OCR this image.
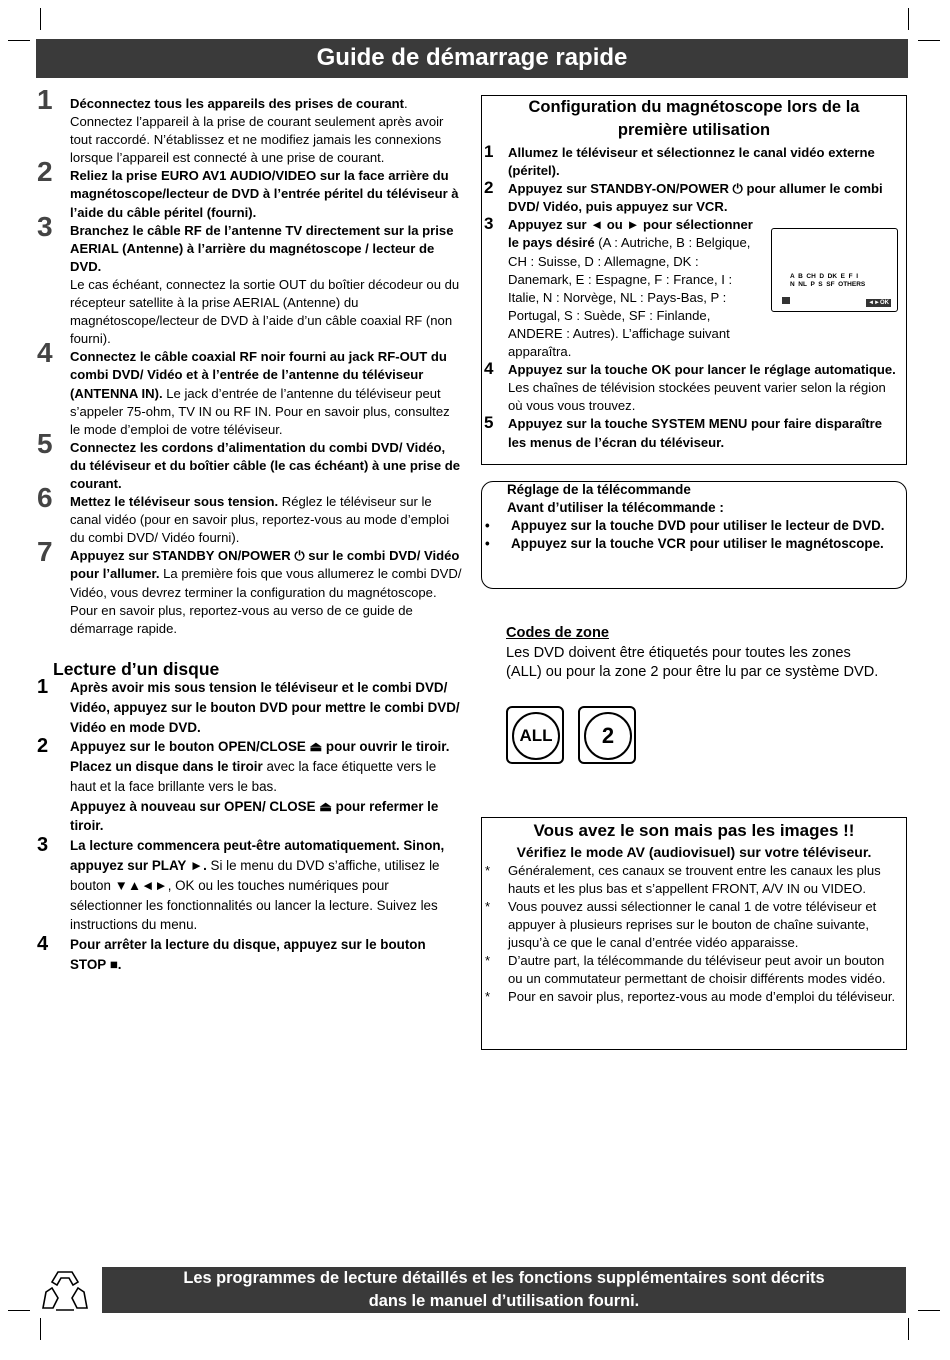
Guide de démarrage rapide
1 Déconnectez tous les appareils des prises de courant. Connectez l’appareil à la prise de courant seulement après avoir tout raccordé. N’établissez et ne modifiez jamais les connexions lorsque l’appareil est connecté à une prise de courant.
2 Reliez la prise EURO AV1 AUDIO/VIDEO sur la face arrière du magnétoscope/lecteur de DVD à l’entrée péritel du téléviseur à l’aide du câble péritel (fourni).
3 Branchez le câble RF de l’antenne TV directement sur la prise AERIAL (Antenne) à l’arrière du magnétoscope / lecteur de DVD.
Le cas échéant, connectez la sortie OUT du boîtier décodeur ou du récepteur satellite à la prise AERIAL (Antenne) du magnétoscope/lecteur de DVD à l’aide d’un câble coaxial RF (non fourni).
4 Connectez le câble coaxial RF noir fourni au jack RF-OUT du combi DVD/ Vidéo et à l’entrée de l’antenne du téléviseur (ANTENNA IN). Le jack d’entrée de l’antenne du téléviseur peut s’appeler 75-ohm, TV IN ou RF IN. Pour en savoir plus, consultez le mode d’emploi de votre téléviseur.
5 Connectez les cordons d’alimentation du combi DVD/ Vidéo, du téléviseur et du boîtier câble (le cas échéant) à une prise de courant.
6 Mettez le téléviseur sous tension. Réglez le téléviseur sur le canal vidéo (pour en savoir plus, reportez-vous au mode d’emploi du combi DVD/ Vidéo fourni).
7 Appuyez sur STANDBY ON/POWER ⏻ sur le combi DVD/ Vidéo pour l’allumer. La première fois que vous allumerez le combi DVD/ Vidéo, vous devrez terminer la configuration du magnétoscope. Pour en savoir plus, reportez-vous au verso de ce guide de démarrage rapide.

Lecture d’un disque

1 Après avoir mis sous tension le téléviseur et le combi DVD/ Vidéo, appuyez sur le bouton DVD pour mettre le combi DVD/ Vidéo en mode DVD.
2 Appuyez sur le bouton OPEN/CLOSE ⏏ pour ouvrir le tiroir. Placez un disque dans le tiroir avec la face étiquette vers le haut et la face brillante vers le bas.
Appuyez à nouveau sur OPEN/ CLOSE ⏏ pour refermer le tiroir.
3 La lecture commencera peut-être automatiquement. Sinon, appuyez sur PLAY ►. Si le menu du DVD s’affiche, utilisez le bouton ▼▲◄►, OK ou les touches numériques pour sélectionner les fonctionnalités ou lancer la lecture. Suivez les instructions du menu.
4 Pour arrêter la lecture du disque, appuyez sur le bouton STOP ■.
Configuration du magnétoscope lors de la première utilisation
1 Allumez le téléviseur et sélectionnez le canal vidéo externe (péritel).
2 Appuyez sur STANDBY-ON/POWER ⏻ pour allumer le combi DVD/ Vidéo, puis appuyez sur VCR.
3 Appuyez sur ◄ ou ► pour sélectionner le pays désiré (A : Autriche, B : Belgique, CH : Suisse, D : Allemagne, DK : Danemark, E : Espagne, F : France, I : Italie, N : Norvège, NL : Pays-Bas, P : Portugal, S : Suède, SF : Finlande, ANDERE : Autres). L’affichage suivant apparaîtra.
4 Appuyez sur la touche OK pour lancer le réglage automatique.
Les chaînes de télévision stockées peuvent varier selon la région où vous vous trouvez.
5 Appuyez sur la touche SYSTEM MENU pour faire disparaître les menus de l’écran du téléviseur.
A  B  CH  D  DK  E  F  I
N  NL  P  S  SF  OTHERS
◄►OK
Réglage de la télécommande
Avant d’utiliser la télécommande :
• Appuyez sur la touche DVD pour utiliser le lecteur de DVD.
• Appuyez sur la touche VCR pour utiliser le magnétoscope.
Codes de zone
Les DVD doivent être étiquetés pour toutes les zones (ALL) ou pour la zone 2 pour être lu par ce système DVD.
ALL	2
Vous avez le son mais pas les images !!
Vérifiez le mode AV (audiovisuel) sur votre téléviseur.
* Généralement, ces canaux se trouvent entre les canaux les plus hauts et les plus bas et s’appellent FRONT, A/V IN ou VIDEO.
* Vous pouvez aussi sélectionner le canal 1 de votre téléviseur et appuyer à plusieurs reprises sur le bouton de chaîne suivante, jusqu’à ce que le canal d’entrée vidéo apparaisse.
* D’autre part, la télécommande du téléviseur peut avoir un bouton ou un commutateur permettant de choisir différents modes vidéo.
* Pour en savoir plus, reportez-vous au mode d’emploi du téléviseur.
Les programmes de lecture détaillés et les fonctions supplémentaires sont décrits
dans le manuel d’utilisation fourni.
